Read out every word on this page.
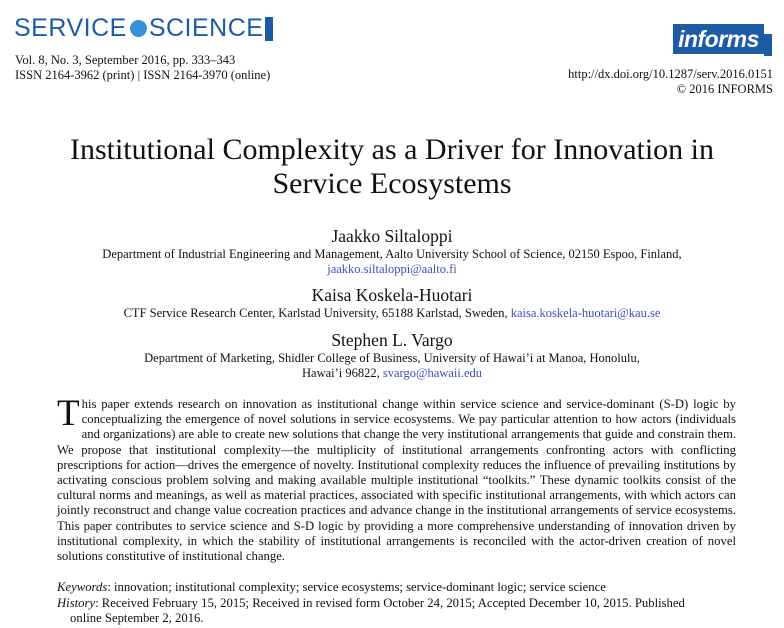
SERVICE SCIENCE
Vol. 8, No. 3, September 2016, pp. 333–343
ISSN 2164-3962 (print) | ISSN 2164-3970 (online)
informs
http://dx.doi.org/10.1287/serv.2016.0151
© 2016 INFORMS
Institutional Complexity as a Driver for Innovation in
Service Ecosystems
Jaakko Siltaloppi
Department of Industrial Engineering and Management, Aalto University School of Science, 02150 Espoo, Finland,
jaakko.siltaloppi@aalto.fi
Kaisa Koskela-Huotari
CTF Service Research Center, Karlstad University, 65188 Karlstad, Sweden, kaisa.koskela-huotari@kau.se
Stephen L. Vargo
Department of Marketing, Shidler College of Business, University of Hawai’i at Manoa, Honolulu,
Hawai’i 96822, svargo@hawaii.edu

This paper extends research on innovation as institutional change within service science and service-dominant (S-D) logic by conceptualizing the emergence of novel solutions in service ecosystems. We pay particular attention to how actors (individuals and organizations) are able to create new solutions that change the very institutional arrangements that guide and constrain them. We propose that institutional complexity—the multiplicity of institutional arrangements confronting actors with conflicting prescriptions for action—drives the emergence of novelty. Institutional complexity reduces the influence of prevailing institutions by activating conscious problem solving and making available multiple institutional “toolkits.” These dynamic toolkits consist of the cultural norms and meanings, as well as material practices, associated with specific institutional arrangements, with which actors can jointly reconstruct and change value cocreation practices and advance change in the institutional arrangements of service ecosystems. This paper contributes to service science and S-D logic by providing a more comprehensive understanding of innovation driven by institutional complexity, in which the stability of institutional arrangements is reconciled with the actor-driven creation of novel solutions constitutive of institutional change.

Keywords: innovation; institutional complexity; service ecosystems; service-dominant logic; service science
History: Received February 15, 2015; Received in revised form October 24, 2015; Accepted December 10, 2015. Published
online September 2, 2016.
